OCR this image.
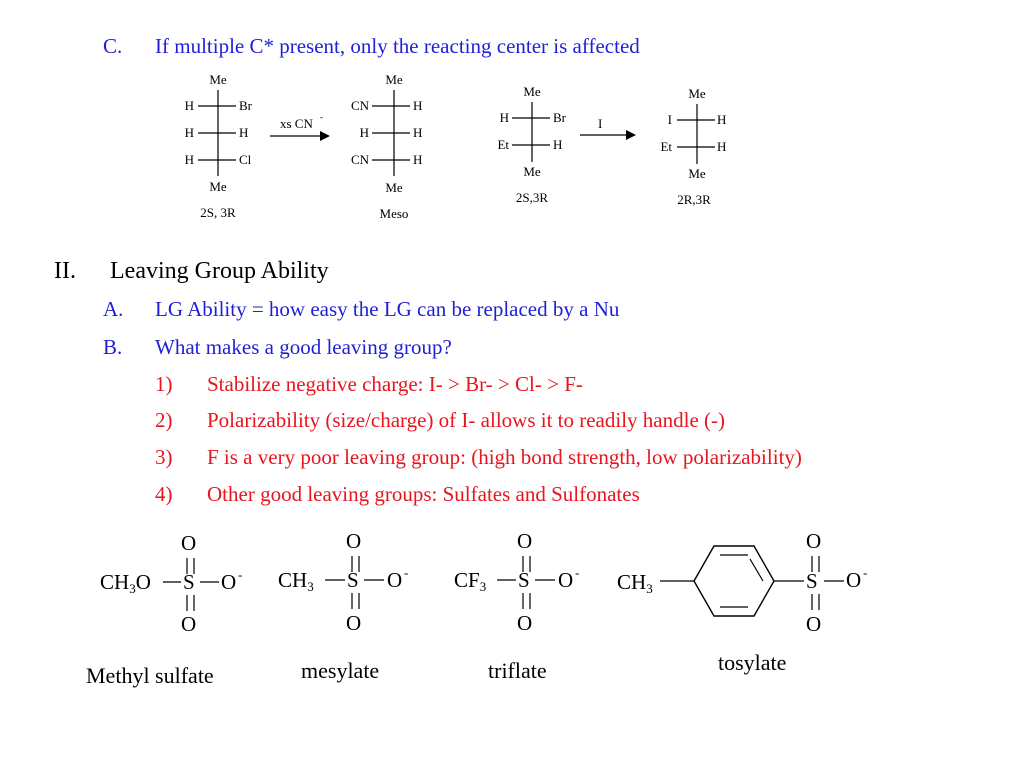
C. If multiple C* present, only the reacting center is affected
Me
H	Br
H	H
H	Cl
Me
2S, 3R
xs CN -
Me
CN	H
H	H
CN	H
Me
Meso
Me
H	Br
Et	H
Me
2S,3R
I
Me
I	H
Et	H
Me
2R,3R
II. Leaving Group Ability
A. LG Ability = how easy the LG can be replaced by a Nu
B. What makes a good leaving group?
1) Stabilize negative charge: I- > Br- > Cl- > F-
2) Polarizability (size/charge) of I- allows it to readily handle (-)
3) F is a very poor leaving group: (high bond strength, low polarizability)
4) Other good leaving groups: Sulfates and Sulfonates
O
CH3O S O -
O
O
CH3 S O -
O
O
CF3 S O -
O
CH3
O
S O -
O
Methyl sulfate	mesylate	triflate	tosylate
